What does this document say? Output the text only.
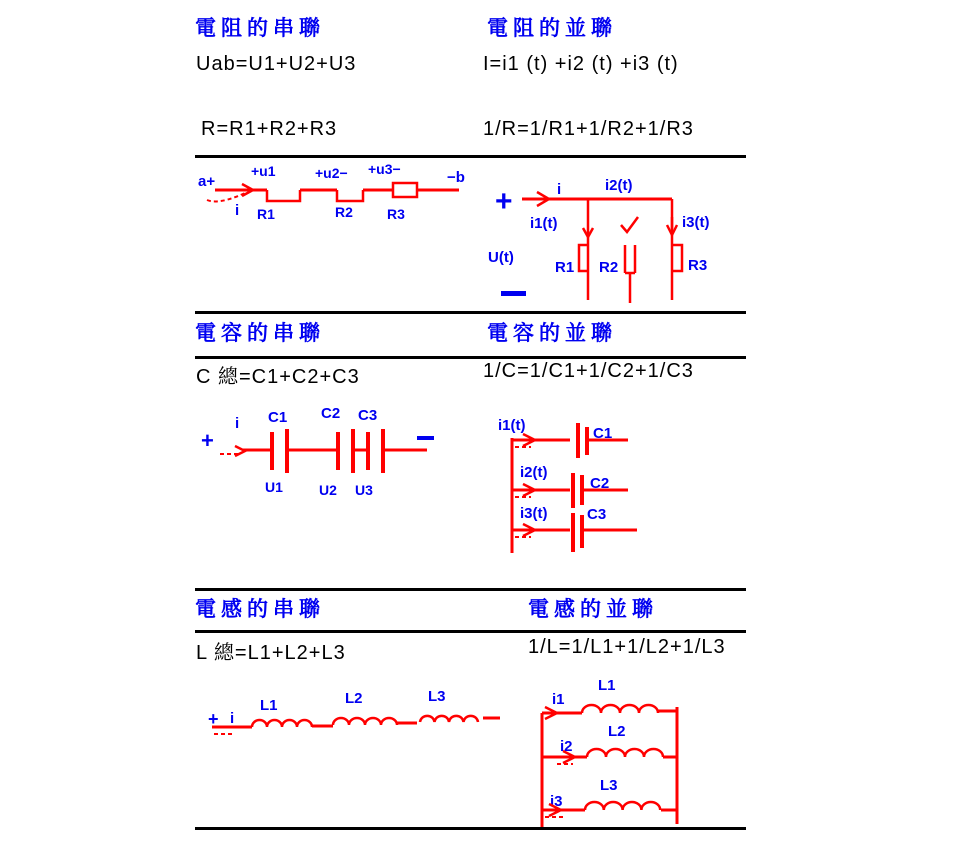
電阻的串聯	電阻的並聯
Uab=U1+U2+U3	I=i1 (t) +i2 (t) +i3 (t)
R=R1+R2+R3	1/R=1/R1+1/R2+1/R3
a+
+u1	+u2− +u3−	−b
i R1	R2 R3	+	i	i2(t)
i1(t)	i3(t)
R1 R2	R3
U(t)
電容的串聯	電容的並聯
C 總=C1+C2+C3	1/C=1/C1+1/C2+1/C3
+
i C1 C2 C3
U1	U2 U3
i1(t)	C1
i2(t)
C2
i3(t)	C3
電感的串聯	電感的並聯
L 總=L1+L2+L3	1/L=1/L1+1/L2+1/L3
+ i
L1	L2	L3
L1
i1
L2
i2
L3
i3
